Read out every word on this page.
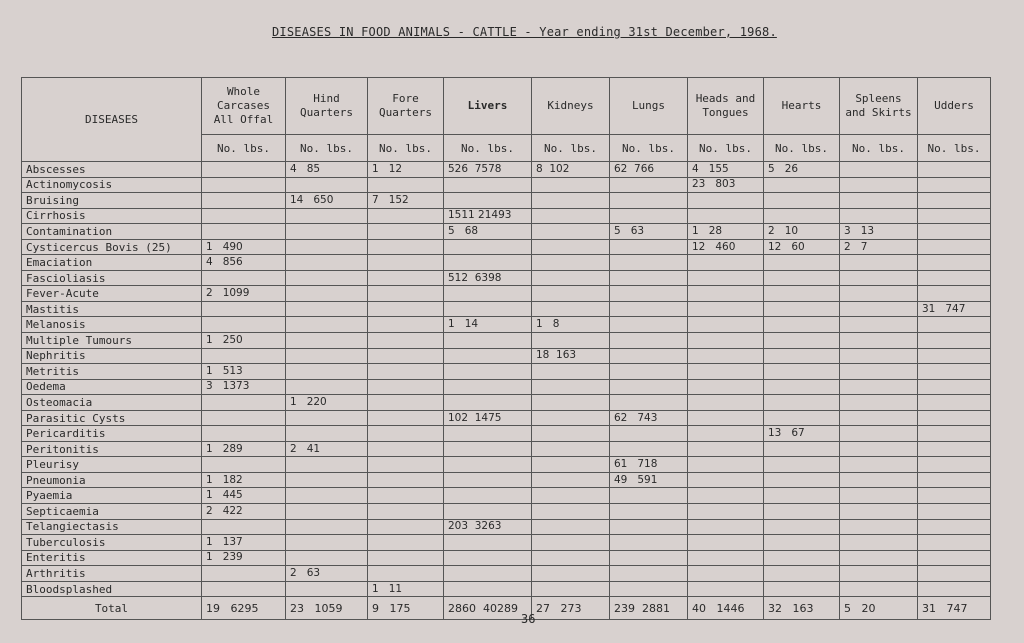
DISEASES IN FOOD ANIMALS - CATTLE - Year ending 31st December, 1968.
DISEASES	Whole Carcases All Offal	Hind Quarters	Fore Quarters	Livers	Kidneys	Lungs	Heads and Tongues	Hearts	Spleens and Skirts	Udders
	No. lbs.	No. lbs.	No. lbs.	No. lbs.	No. lbs.	No. lbs.	No. lbs.	No. lbs.	No. lbs.	No. lbs.
Abscesses		4   85	1   12	526  7578	8  102	62  766	4   155	5   26		
Actinomycosis							23   803			
Bruising		14   650	7   152							
Cirrhosis				1511 21493						
Contamination				5   68		5   63	1   28	2   10	3   13	
Cysticercus Bovis (25)	1   490						12   460	12   60	2   7	
Emaciation	4   856									
Fascioliasis				512  6398						
Fever-Acute	2   1099									
Mastitis										31   747
Melanosis				1   14	1   8					
Multiple Tumours	1   250									
Nephritis					18  163					
Metritis	1   513									
Oedema	3   1373									
Osteomacia		1   220								
Parasitic Cysts				102  1475		62   743				
Pericarditis								13   67		
Peritonitis	1   289	2   41								
Pleurisy						61   718				
Pneumonia	1   182					49   591				
Pyaemia	1   445									
Septicaemia	2   422									
Telangiectasis				203  3263						
Tuberculosis	1   137									
Enteritis	1   239									
Arthritis		2   63								
Bloodsplashed			1   11							
Total	19   6295	23   1059	9   175	2860  40289	27   273	239  2881	40   1446	32   163	5   20	31   747
36
